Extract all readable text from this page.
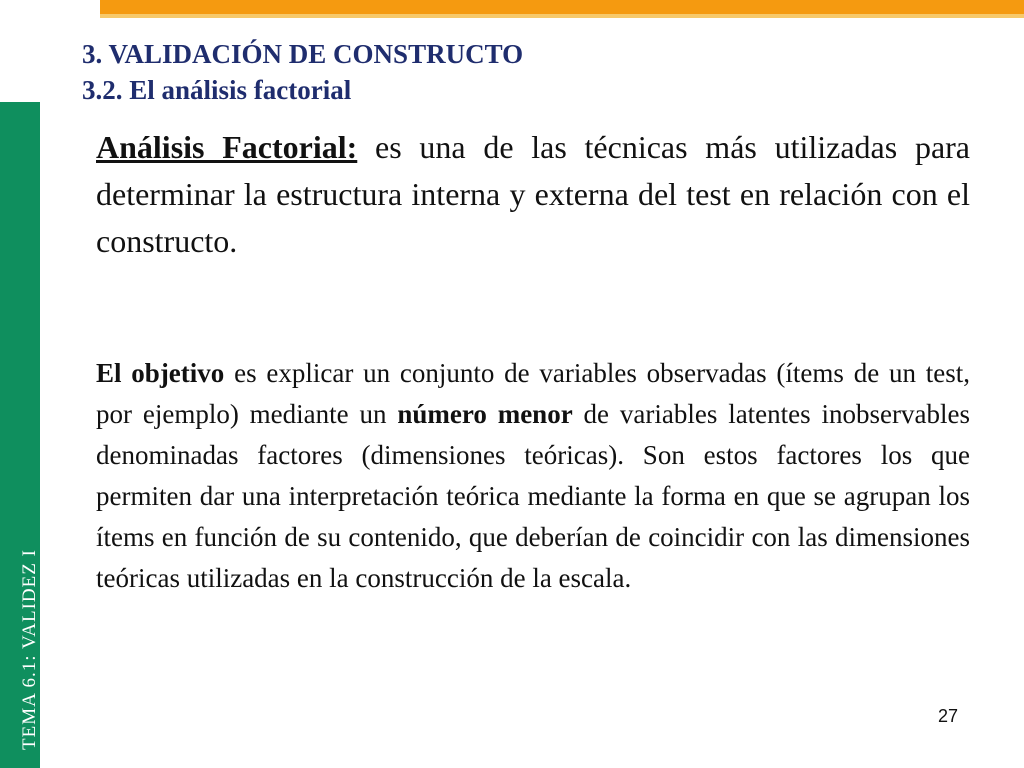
TEMA 6.1: VALIDEZ I
3. VALIDACIÓN DE CONSTRUCTO
3.2. El análisis factorial

Análisis Factorial: es una de las técnicas más utilizadas para determinar la estructura interna y externa del test en relación con el constructo.

El objetivo es explicar un conjunto de variables observadas (ítems de un test, por ejemplo) mediante un número menor de variables latentes inobservables denominadas factores (dimensiones teóricas). Son estos factores los que permiten dar una interpretación teórica mediante la forma en que se agrupan los ítems en función de su contenido, que deberían de coincidir con las dimensiones teóricas utilizadas en la construcción de la escala.

27
